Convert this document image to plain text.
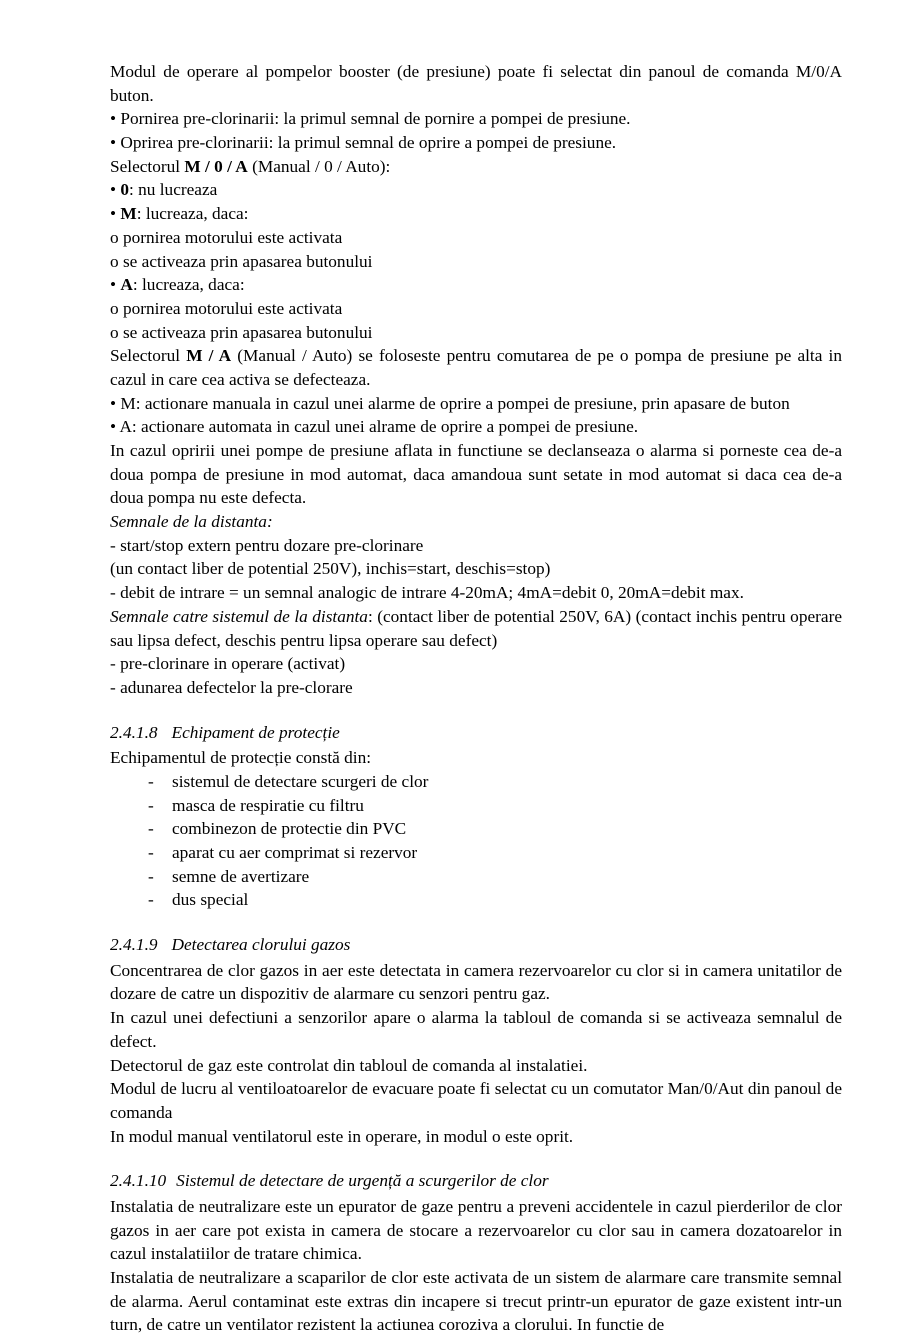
Modul de operare al pompelor booster (de presiune) poate fi selectat din panoul de comanda M/0/A buton.

• Pornirea pre-clorinarii: la primul semnal de pornire a pompei de presiune.

• Oprirea pre-clorinarii: la primul semnal de oprire a pompei de presiune.

Selectorul M / 0 / A (Manual / 0 / Auto):

• 0: nu lucreaza

• M: lucreaza, daca:

o pornirea motorului este activata

o se activeaza prin apasarea butonului

• A: lucreaza, daca:

o pornirea motorului este activata

o se activeaza prin apasarea butonului

Selectorul M / A (Manual / Auto) se foloseste pentru comutarea de pe o pompa de presiune pe alta in cazul in care cea activa se defecteaza.

• M: actionare manuala in cazul unei alarme de oprire a pompei de presiune, prin apasare de buton

• A: actionare automata in cazul unei alrame de oprire a pompei de presiune.

In cazul opririi unei pompe de presiune aflata in functiune se declanseaza o alarma si porneste cea de-a doua pompa de presiune in mod automat, daca amandoua sunt setate in mod automat si daca cea de-a doua pompa nu este defecta.

Semnale de la distanta:

- start/stop extern pentru dozare pre-clorinare

(un contact liber de potential 250V), inchis=start, deschis=stop)

- debit de intrare = un semnal analogic de intrare 4-20mA; 4mA=debit 0, 20mA=debit max.

Semnale catre sistemul de la distanta: (contact liber de potential 250V, 6A) (contact inchis pentru operare sau lipsa defect, deschis pentru lipsa operare sau defect)

- pre-clorinare in operare (activat)

- adunarea defectelor la pre-clorare

2.4.1.8 Echipament de protecție

Echipamentul de protecție constă din:

- sistemul de detectare scurgeri de clor
- masca de respiratie cu filtru
- combinezon de protectie din PVC
- aparat cu aer comprimat si rezervor
- semne de avertizare
- dus special
2.4.1.9 Detectarea clorului gazos

Concentrarea de clor gazos in aer este detectata in camera rezervoarelor cu clor si in camera unitatilor de dozare de catre un dispozitiv de alarmare cu senzori pentru gaz.

In cazul unei defectiuni a senzorilor apare o alarma la tabloul de comanda si se activeaza semnalul de defect.

Detectorul de gaz este controlat din tabloul de comanda al instalatiei.

Modul de lucru al ventiloatoarelor de evacuare poate fi selectat cu un comutator Man/0/Aut din panoul de comanda

In modul manual ventilatorul este in operare, in modul o este oprit.

2.4.1.10 Sistemul de detectare de urgență a scurgerilor de clor

Instalatia de neutralizare este un epurator de gaze pentru a preveni accidentele in cazul pierderilor de clor gazos in aer care pot exista in camera de stocare a rezervoarelor cu clor sau in camera dozatoarelor in cazul instalatiilor de tratare chimica.

Instalatia de neutralizare a scaparilor de clor este activata de un sistem de alarmare care transmite semnal de alarma. Aerul contaminat este extras din incapere si trecut printr-un epurator de gaze existent intr-un turn, de catre un ventilator rezistent la actiunea coroziva a clorului. In functie de
